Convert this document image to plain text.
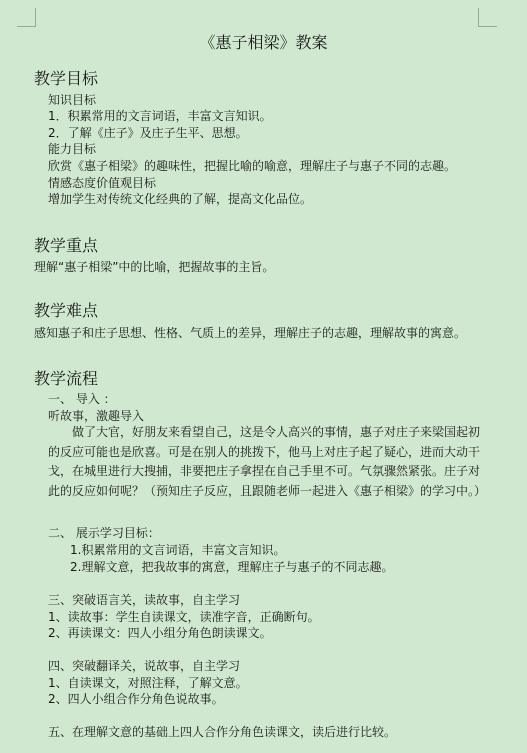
《惠子相梁》教案
教学目标
知识目标
1．积累常用的文言词语，丰富文言知识。
2．了解《庄子》及庄子生平、思想。
能力目标
欣赏《惠子相梁》的趣味性，把握比喻的喻意，理解庄子与惠子不同的志趣。
情感态度价值观目标
增加学生对传统文化经典的了解，提高文化品位。
教学重点
理解“惠子相梁”中的比喻，把握故事的主旨。
教学难点
感知惠子和庄子思想、性格、气质上的差异，理解庄子的志趣，理解故事的寓意。
教学流程
一、 导入 ：
听故事，激趣导入
做了大官，好朋友来看望自己，这是令人高兴的事情，惠子对庄子来梁国起初的反应可能也是欣喜。可是在别人的挑拨下，他马上对庄子起了疑心，进而大动干戈，在城里进行大搜捕，非要把庄子拿捏在自己手里不可。气氛骤然紧张。庄子对此的反应如何呢？（预知庄子反应，且跟随老师一起进入《惠子相梁》的学习中。）
二、 展示学习目标：
1.积累常用的文言词语，丰富文言知识。
2.理解文意，把我故事的寓意，理解庄子与惠子的不同志趣。
三、突破语言关，读故事，自主学习
1、读故事：学生自读课文，读准字音，正确断句。
2、再读课文：四人小组分角色朗读课文。
四、突破翻译关，说故事，自主学习
1、自读课文，对照注释，了解文意。
2、四人小组合作分角色说故事。
五、在理解文意的基础上四人合作分角色读课文，读后进行比较。
